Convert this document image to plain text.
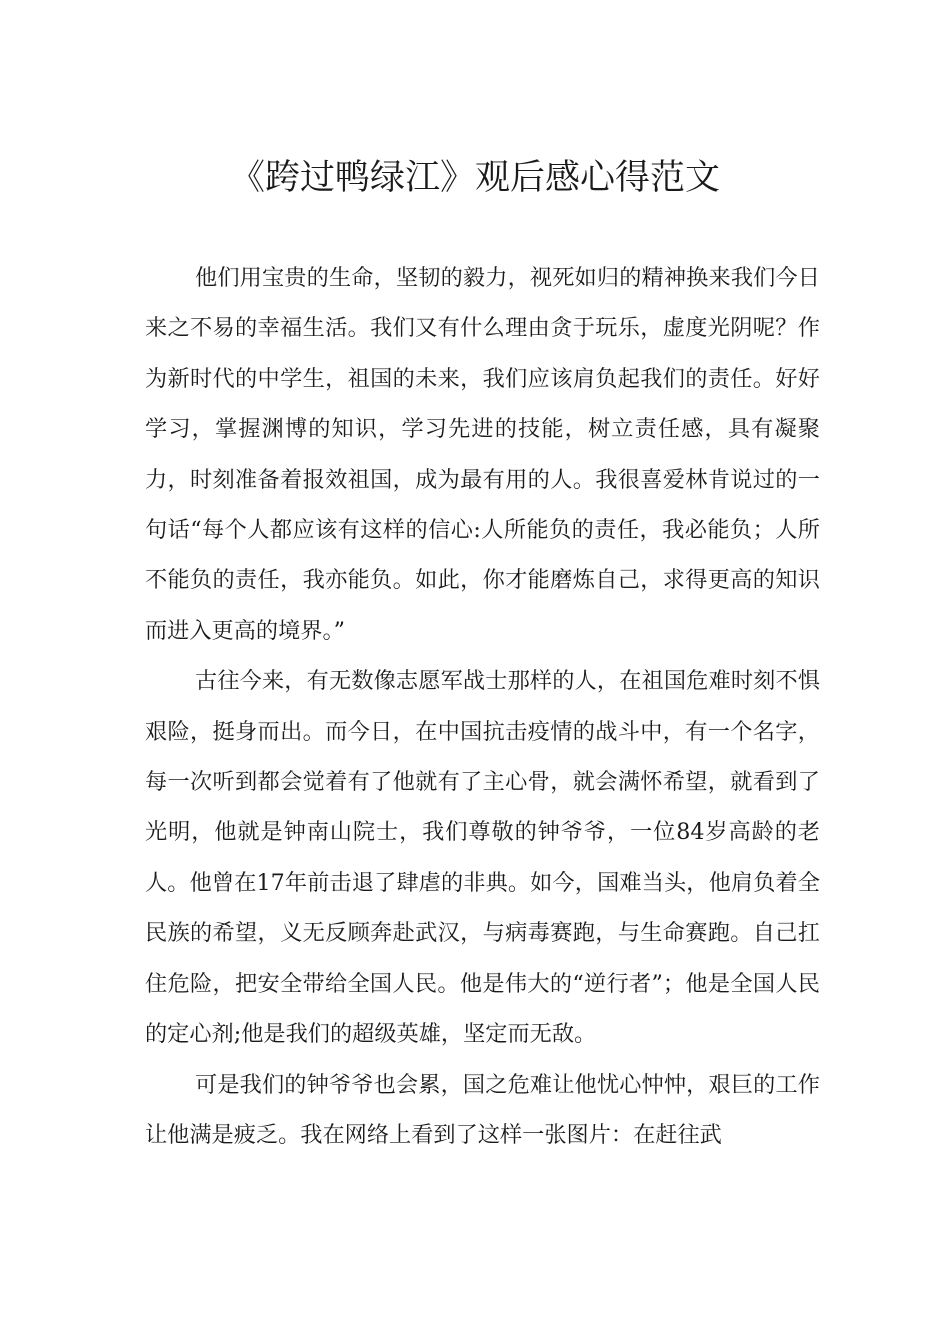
《跨过鸭绿江》观后感心得范文

他们用宝贵的生命，坚韧的毅力，视死如归的精神换来我们今日来之不易的幸福生活。我们又有什么理由贪于玩乐，虚度光阴呢？作为新时代的中学生，祖国的未来，我们应该肩负起我们的责任。好好学习，掌握渊博的知识，学习先进的技能，树立责任感，具有凝聚力，时刻准备着报效祖国，成为最有用的人。我很喜爱林肯说过的一句话“每个人都应该有这样的信心:人所能负的责任，我必能负；人所不能负的责任，我亦能负。如此，你才能磨炼自己，求得更高的知识而进入更高的境界。”

古往今来，有无数像志愿军战士那样的人，在祖国危难时刻不惧艰险，挺身而出。而今日，在中国抗击疫情的战斗中，有一个名字，每一次听到都会觉着有了他就有了主心骨，就会满怀希望，就看到了光明，他就是钟南山院士，我们尊敬的钟爷爷，一位84岁高龄的老人。他曾在17年前击退了肆虐的非典。如今，国难当头，他肩负着全民族的希望，义无反顾奔赴武汉，与病毒赛跑，与生命赛跑。自己扛住危险，把安全带给全国人民。他是伟大的“逆行者”；他是全国人民的定心剂;他是我们的超级英雄，坚定而无敌。

可是我们的钟爷爷也会累，国之危难让他忧心忡忡，艰巨的工作让他满是疲乏。我在网络上看到了这样一张图片：在赶往武
